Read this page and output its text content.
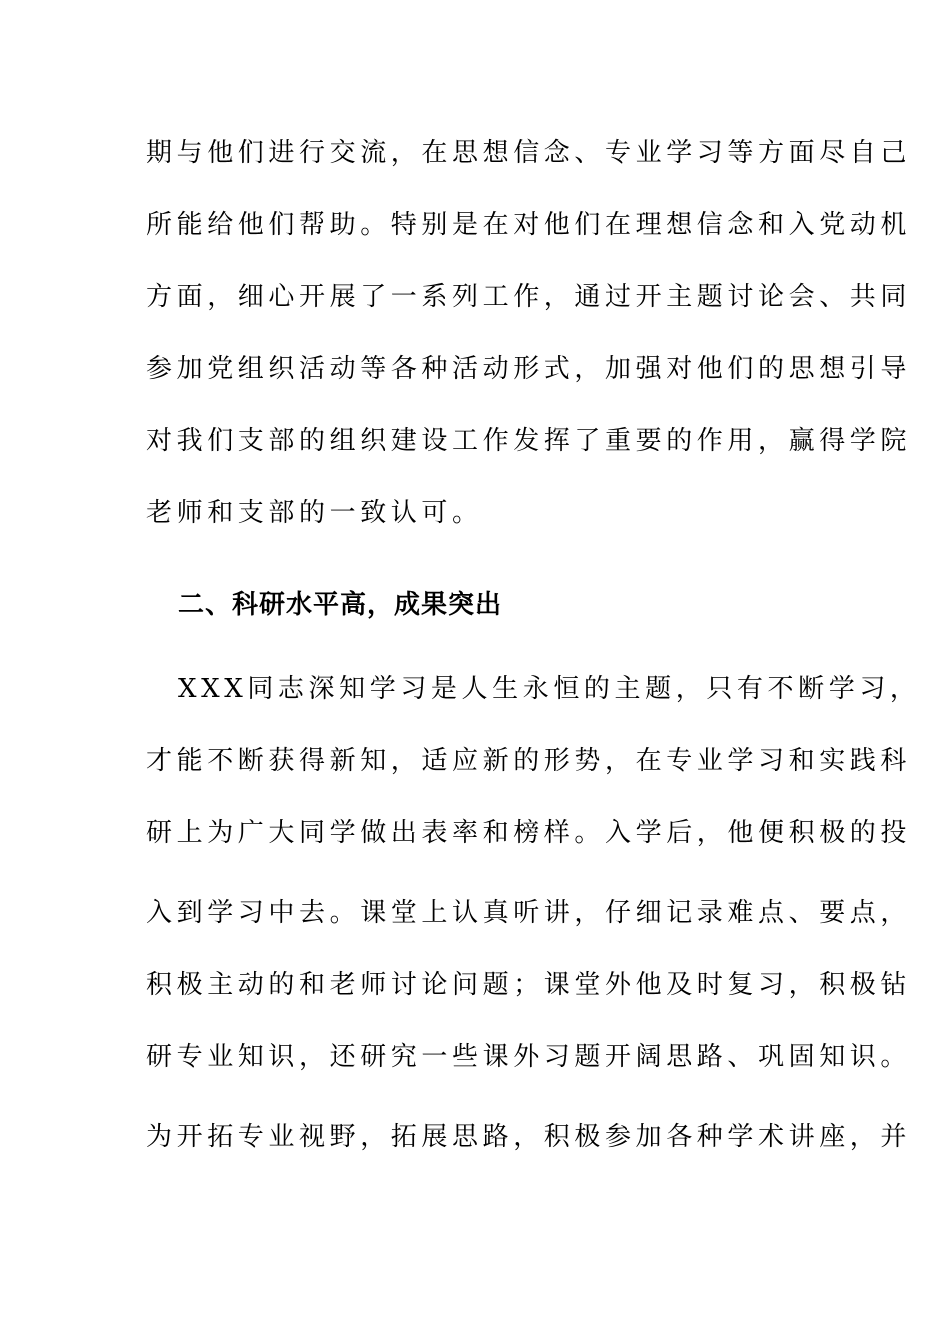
期与他们进行交流，在思想信念、专业学习等方面尽自己
所能给他们帮助。特别是在对他们在理想信念和入党动机
方面，细心开展了一系列工作，通过开主题讨论会、共同
参加党组织活动等各种活动形式，加强对他们的思想引导
对我们支部的组织建设工作发挥了重要的作用，赢得学院
老师和支部的一致认可。
二、科研水平高，成果突出
XXX同志深知学习是人生永恒的主题，只有不断学习，
才能不断获得新知，适应新的形势，在专业学习和实践科
研上为广大同学做出表率和榜样。入学后，他便积极的投
入到学习中去。课堂上认真听讲，仔细记录难点、要点，
积极主动的和老师讨论问题；课堂外他及时复习，积极钻
研专业知识，还研究一些课外习题开阔思路、巩固知识。
为开拓专业视野，拓展思路，积极参加各种学术讲座，并
